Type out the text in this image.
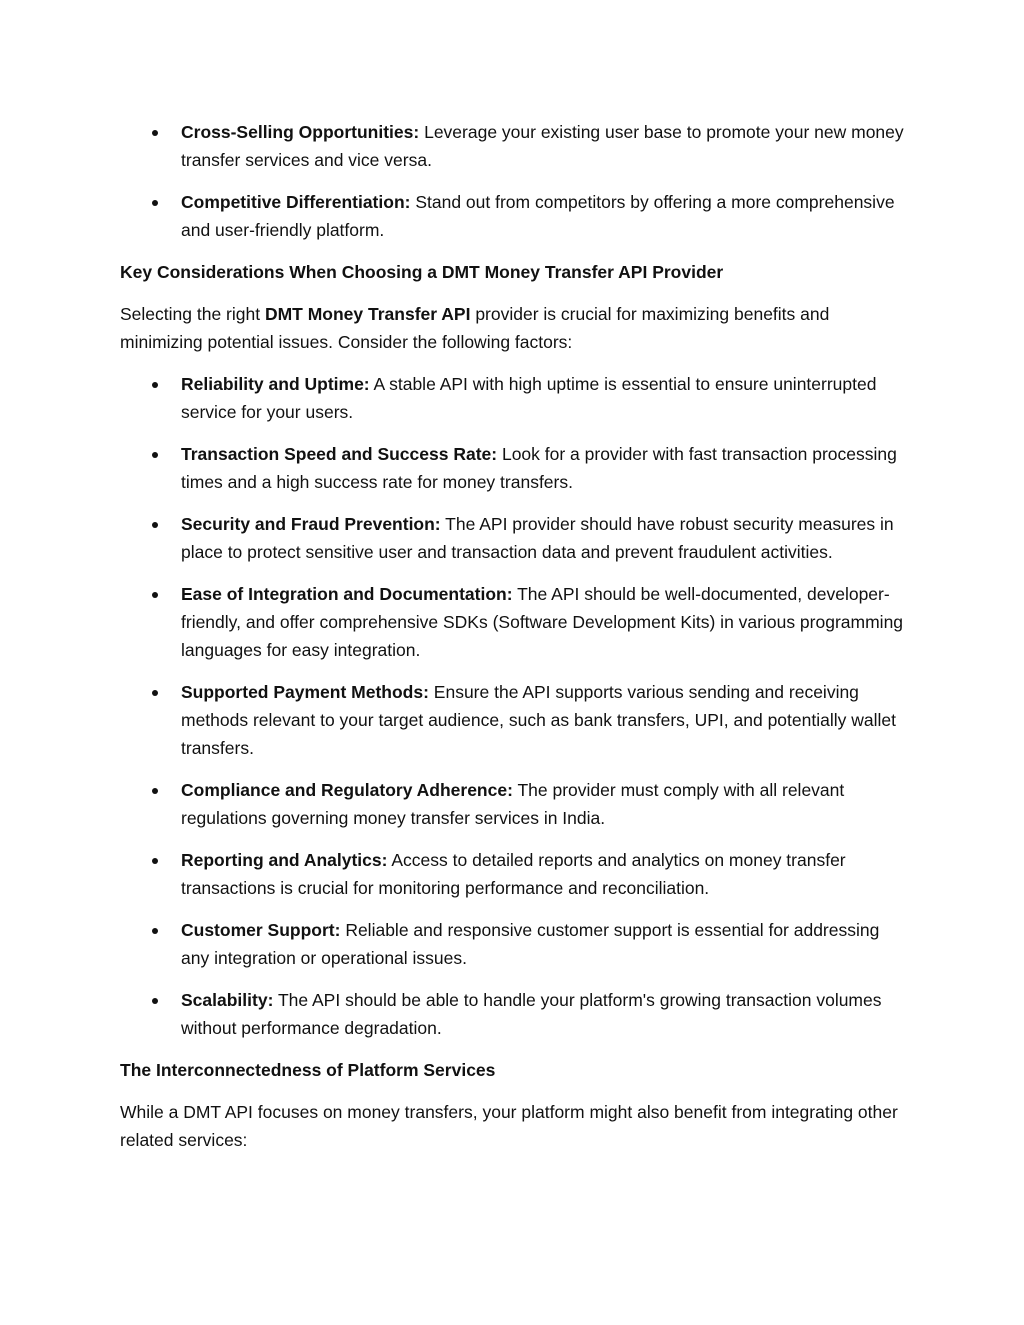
Cross-Selling Opportunities: Leverage your existing user base to promote your new money transfer services and vice versa.
Competitive Differentiation: Stand out from competitors by offering a more comprehensive and user-friendly platform.
Key Considerations When Choosing a DMT Money Transfer API Provider

Selecting the right DMT Money Transfer API provider is crucial for maximizing benefits and minimizing potential issues. Consider the following factors:

Reliability and Uptime: A stable API with high uptime is essential to ensure uninterrupted service for your users.
Transaction Speed and Success Rate: Look for a provider with fast transaction processing times and a high success rate for money transfers.
Security and Fraud Prevention: The API provider should have robust security measures in place to protect sensitive user and transaction data and prevent fraudulent activities.
Ease of Integration and Documentation: The API should be well-documented, developer-friendly, and offer comprehensive SDKs (Software Development Kits) in various programming languages for easy integration.
Supported Payment Methods: Ensure the API supports various sending and receiving methods relevant to your target audience, such as bank transfers, UPI, and potentially wallet transfers.
Compliance and Regulatory Adherence: The provider must comply with all relevant regulations governing money transfer services in India.
Reporting and Analytics: Access to detailed reports and analytics on money transfer transactions is crucial for monitoring performance and reconciliation.
Customer Support: Reliable and responsive customer support is essential for addressing any integration or operational issues.
Scalability: The API should be able to handle your platform's growing transaction volumes without performance degradation.
The Interconnectedness of Platform Services

While a DMT API focuses on money transfers, your platform might also benefit from integrating other related services:
